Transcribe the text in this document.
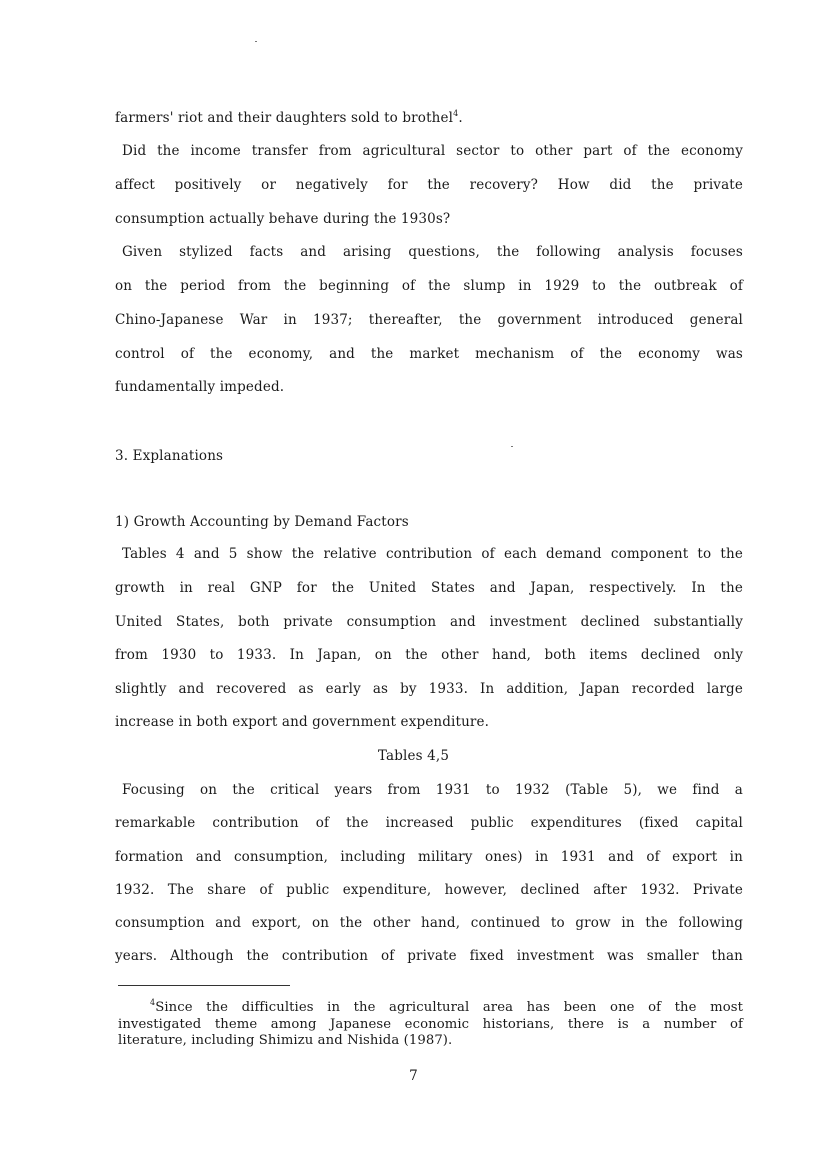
farmers' riot and their daughters sold to brothel$^4$.
Did the income transfer from agricultural sector to other part of the economy
affect positively or negatively for the recovery? How did the private
consumption actually behave during the 1930s?
Given stylized facts and arising questions, the following analysis focuses
on the period from the beginning of the slump in 1929 to the outbreak of
Chino-Japanese War in 1937; thereafter, the government introduced general
control of the economy, and the market mechanism of the economy was
fundamentally impeded.
3. Explanations
1) Growth Accounting by Demand Factors
Tables 4 and 5 show the relative contribution of each demand component to the
growth in real GNP for the United States and Japan, respectively. In the
United States, both private consumption and investment declined substantially
from 1930 to 1933. In Japan, on the other hand, both items declined only
slightly and recovered as early as by 1933. In addition, Japan recorded large
increase in both export and government expenditure.
Tables 4,5
Focusing on the critical years from 1931 to 1932 (Table 5), we find a
remarkable contribution of the increased public expenditures (fixed capital
formation and consumption, including military ones) in 1931 and of export in
1932. The share of public expenditure, however, declined after 1932. Private
consumption and export, on the other hand, continued to grow in the following
years. Although the contribution of private fixed investment was smaller than
$^4$Since the difficulties in the agricultural area has been one of the most
investigated theme among Japanese economic historians, there is a number of
literature, including Shimizu and Nishida (1987).
7
